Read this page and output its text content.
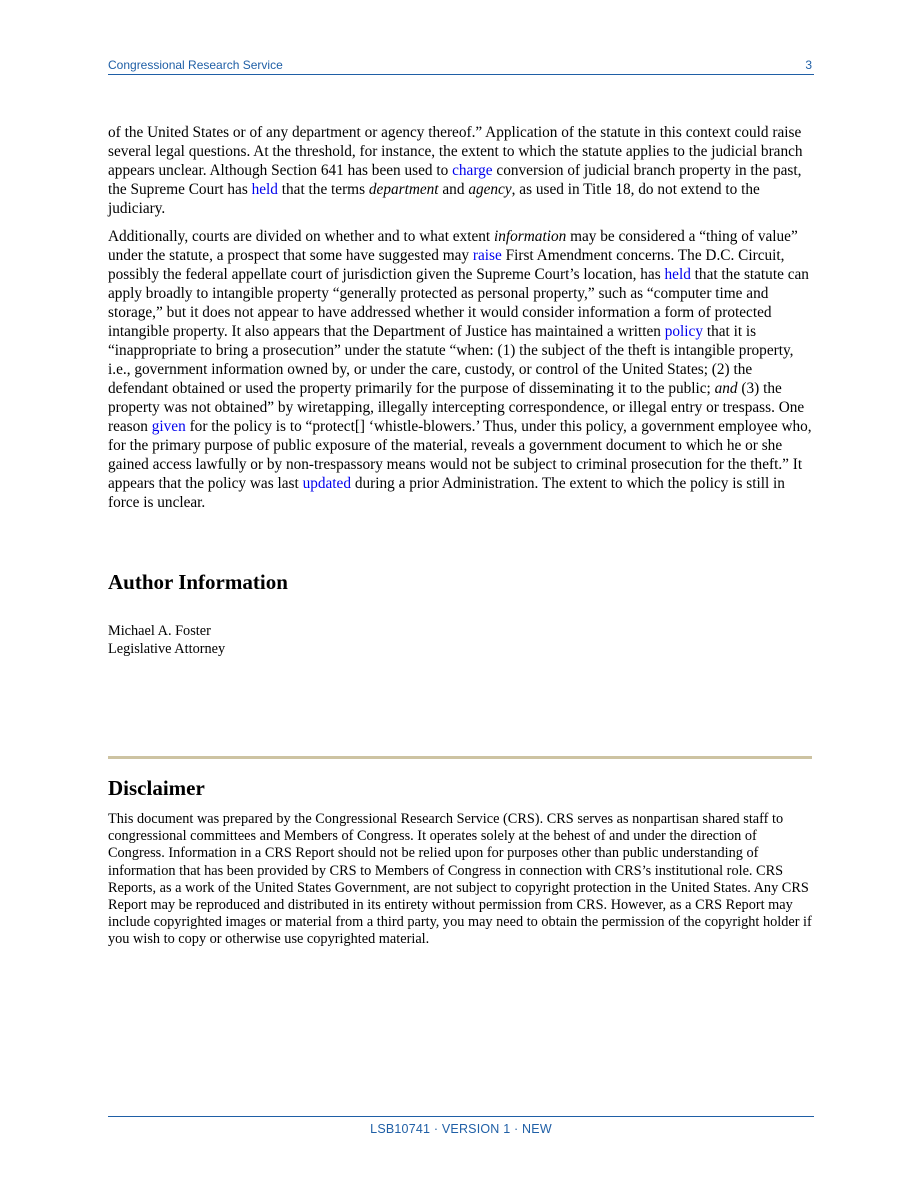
Congressional Research Service	3

of the United States or of any department or agency thereof.” Application of the statute in this context could raise several legal questions. At the threshold, for instance, the extent to which the statute applies to the judicial branch appears unclear. Although Section 641 has been used to charge conversion of judicial branch property in the past, the Supreme Court has held that the terms department and agency, as used in Title 18, do not extend to the judiciary.

Additionally, courts are divided on whether and to what extent information may be considered a “thing of value” under the statute, a prospect that some have suggested may raise First Amendment concerns. The D.C. Circuit, possibly the federal appellate court of jurisdiction given the Supreme Court’s location, has held that the statute can apply broadly to intangible property “generally protected as personal property,” such as “computer time and storage,” but it does not appear to have addressed whether it would consider information a form of protected intangible property. It also appears that the Department of Justice has maintained a written policy that it is “inappropriate to bring a prosecution” under the statute “when: (1) the subject of the theft is intangible property, i.e., government information owned by, or under the care, custody, or control of the United States; (2) the defendant obtained or used the property primarily for the purpose of disseminating it to the public; and (3) the property was not obtained” by wiretapping, illegally intercepting correspondence, or illegal entry or trespass. One reason given for the policy is to “protect[] ‘whistle-blowers.’ Thus, under this policy, a government employee who, for the primary purpose of public exposure of the material, reveals a government document to which he or she gained access lawfully or by non-trespassory means would not be subject to criminal prosecution for the theft.” It appears that the policy was last updated during a prior Administration. The extent to which the policy is still in force is unclear.

Author Information
Michael A. Foster
Legislative Attorney
Disclaimer
This document was prepared by the Congressional Research Service (CRS). CRS serves as nonpartisan shared staff to congressional committees and Members of Congress. It operates solely at the behest of and under the direction of Congress. Information in a CRS Report should not be relied upon for purposes other than public understanding of information that has been provided by CRS to Members of Congress in connection with CRS’s institutional role. CRS Reports, as a work of the United States Government, are not subject to copyright protection in the United States. Any CRS Report may be reproduced and distributed in its entirety without permission from CRS. However, as a CRS Report may include copyrighted images or material from a third party, you may need to obtain the permission of the copyright holder if you wish to copy or otherwise use copyrighted material.
LSB10741 · VERSION 1 · NEW
